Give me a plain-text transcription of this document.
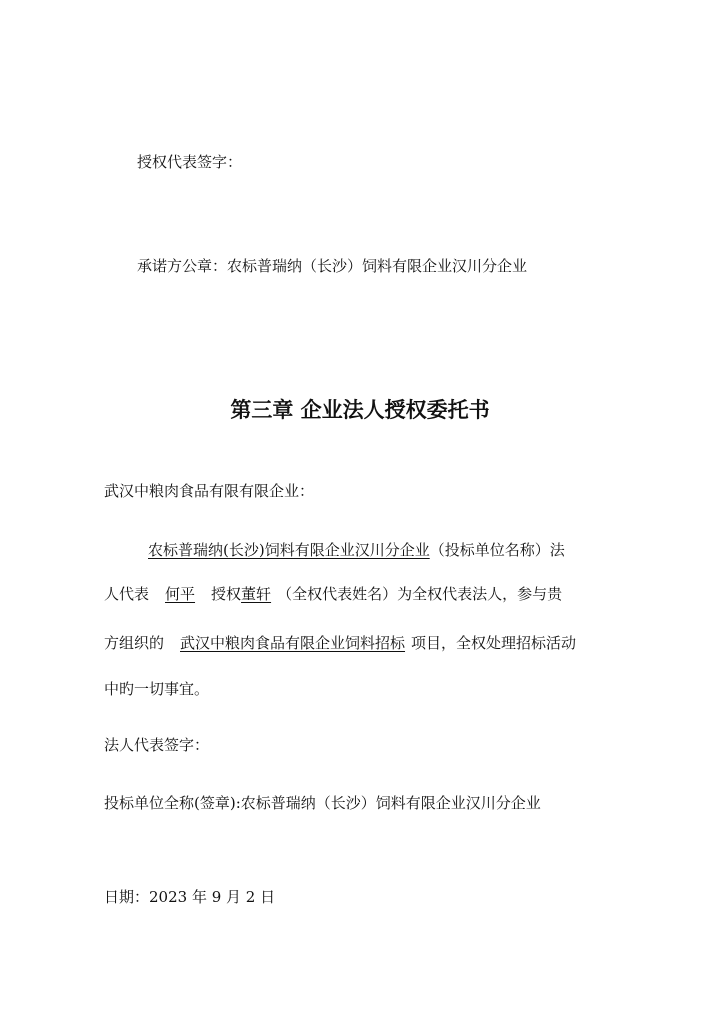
授权代表签字：
承诺方公章：农标普瑞纳（长沙）饲料有限企业汉川分企业
第三章 企业法人授权委托书
武汉中粮肉食品有限有限企业：
农标普瑞纳(长沙)饲料有限企业汉川分企业（投标单位名称）法
人代表 何平 授权董轩 （全权代表姓名）为全权代表法人，参与贵
方组织的 武汉中粮肉食品有限企业饲料招标 项目，全权处理招标活动
中旳一切事宜。
法人代表签字：
投标单位全称(签章):农标普瑞纳（长沙）饲料有限企业汉川分企业
日期：2023 年 9 月 2 日
